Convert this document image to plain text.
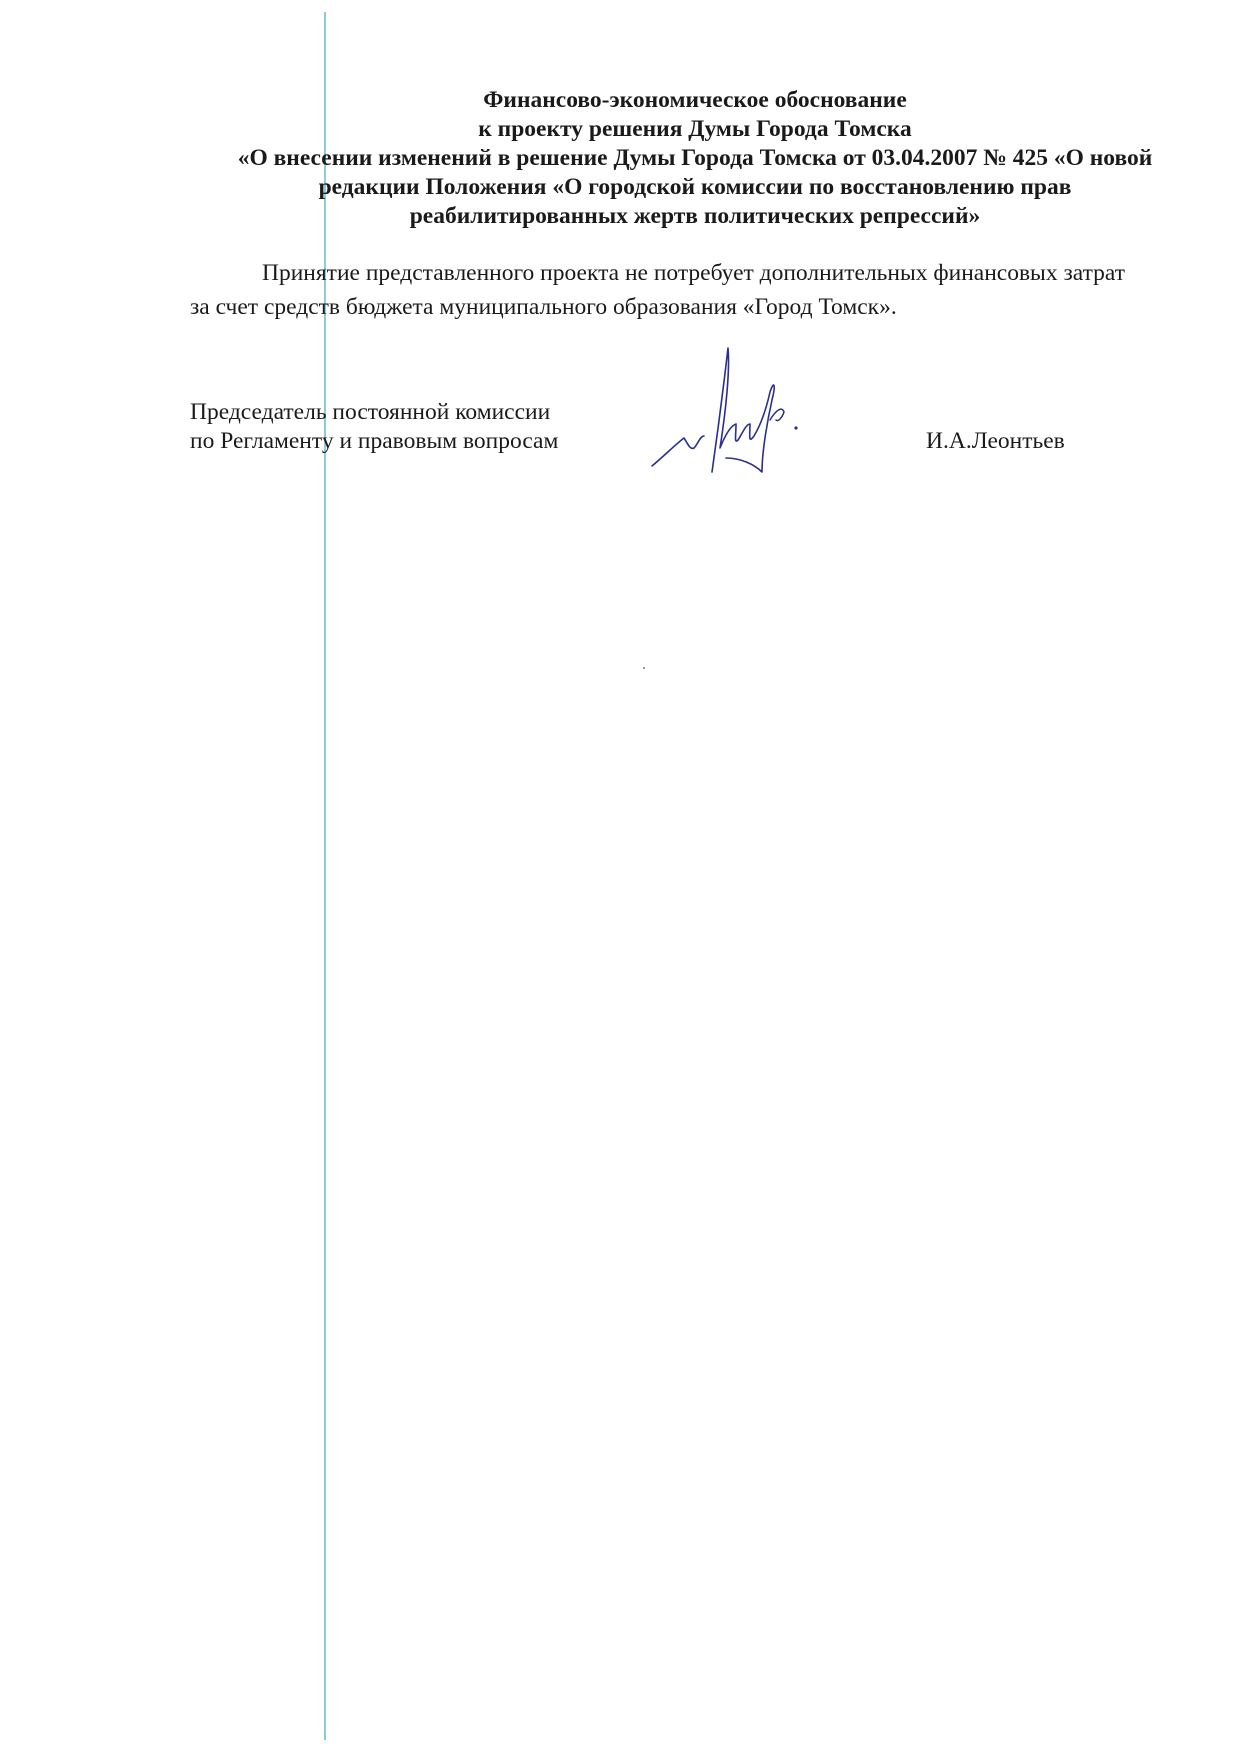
Финансово-экономическое обоснование
к проекту решения Думы Города Томска
«О внесении изменений в решение Думы Города Томска от 03.04.2007 № 425 «О новой
редакции Положения «О городской комиссии по восстановлению прав
реабилитированных жертв политических репрессий»
Принятие представленного проекта не потребует дополнительных финансовых затрат
за счет средств бюджета муниципального образования «Город Томск».
Председатель постоянной комиссии
по Регламенту и правовым вопросам	И.А.Леонтьев
